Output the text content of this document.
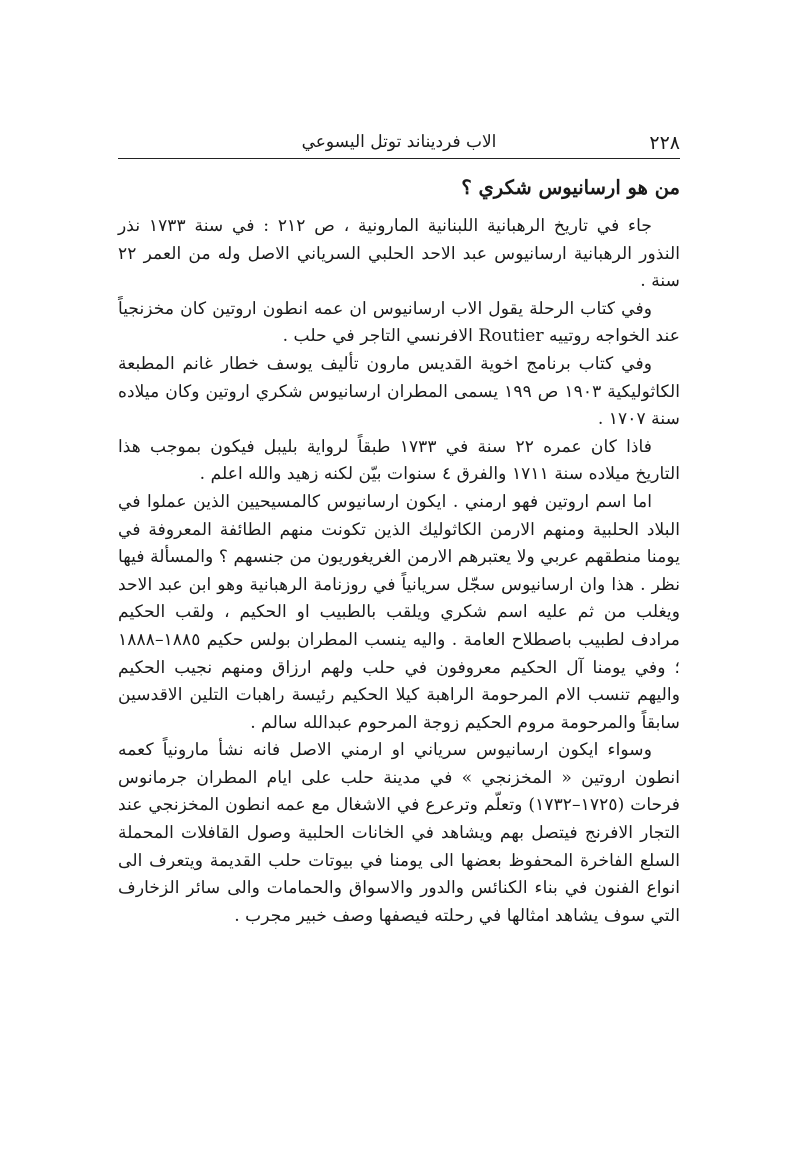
٢٢٨
الاب فرديناند توتل اليسوعي

من هو ارسانيوس شكري ؟

جاء في تاريخ الرهبانية اللبنانية المارونية ، ص ٢١٢ : في سنة ١٧٣٣ نذر النذور الرهبانية ارسانيوس عبد الاحد الحلبي السرياني الاصل وله من العمر ٢٢ سنة .

وفي كتاب الرحلة يقول الاب ارسانيوس ان عمه انطون اروتين كان مخزنجياً عند الخواجه روتييه Routier الافرنسي التاجر في حلب .

وفي كتاب برنامج اخوية القديس مارون تأليف يوسف خطار غانم المطبعة الكاثوليكية ١٩٠٣ ص ١٩٩ يسمى المطران ارسانيوس شكري اروتين وكان ميلاده سنة ١٧٠٧ .

فاذا كان عمره ٢٢ سنة في ١٧٣٣ طبقاً لرواية بليبل فيكون بموجب هذا التاريخ ميلاده سنة ١٧١١ والفرق ٤ سنوات بيّن لكنه زهيد والله اعلم .

اما اسم اروتين فهو ارمني . ايكون ارسانيوس كالمسيحيين الذين عملوا في البلاد الحلبية ومنهم الارمن الكاثوليك الذين تكونت منهم الطائفة المعروفة في يومنا منطقهم عربي ولا يعتبرهم الارمن الغريغوريون من جنسهم ؟ والمسألة فيها نظر . هذا وان ارسانيوس سجّل سريانياً في روزنامة الرهبانية وهو ابن عبد الاحد ويغلب من ثم عليه اسم شكري ويلقب بالطبيب او الحكيم ، ولقب الحكيم مرادف لطبيب باصطلاح العامة . واليه ينسب المطران بولس حكيم ١٨٨٥–١٨٨٨ ؛ وفي يومنا آل الحكيم معروفون في حلب ولهم ارزاق ومنهم نجيب الحكيم واليهم تنسب الام المرحومة الراهبة كيلا الحكيم رئيسة راهبات التلين الاقدسين سابقاً والمرحومة مروم الحكيم زوجة المرحوم عبدالله سالم .

وسواء ايكون ارسانيوس سرياني او ارمني الاصل فانه نشأ مارونياً كعمه انطون اروتين « المخزنجي » في مدينة حلب على ايام المطران جرمانوس فرحات (١٧٢٥–١٧٣٢) وتعلّم وترعرع في الاشغال مع عمه انطون المخزنجي عند التجار الافرنج فيتصل بهم ويشاهد في الخانات الحلبية وصول القافلات المحملة السلع الفاخرة المحفوظ بعضها الى يومنا في بيوتات حلب القديمة ويتعرف الى انواع الفنون في بناء الكنائس والدور والاسواق والحمامات والى سائر الزخارف التي سوف يشاهد امثالها في رحلته فيصفها وصف خبير مجرب .
